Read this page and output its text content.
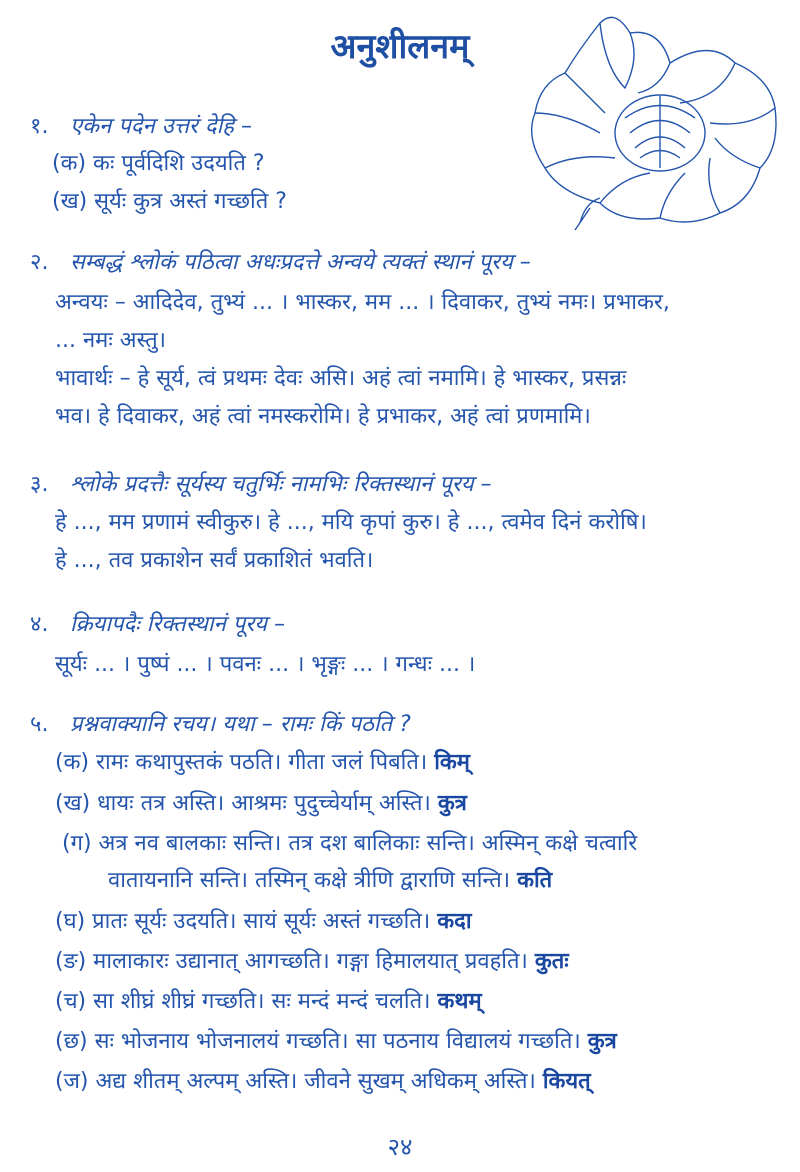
अनुशीलनम्
१. एकेन पदेन उत्तरं देहि –
(क) कः पूर्वदिशि उदयति ?
(ख) सूर्यः कुत्र अस्तं गच्छति ?
२. सम्बद्धं श्लोकं पठित्वा अधःप्रदत्ते अन्वये त्यक्तं स्थानं पूरय –
अन्वयः – आदिदेव, तुभ्यं ... । भास्कर, मम ... । दिवाकर, तुभ्यं नमः। प्रभाकर,
... नमः अस्तु।
भावार्थः – हे सूर्य, त्वं प्रथमः देवः असि। अहं त्वां नमामि। हे भास्कर, प्रसन्नः
भव। हे दिवाकर, अहं त्वां नमस्करोमि। हे प्रभाकर, अहं त्वां प्रणमामि।
३. श्लोके प्रदत्तैः सूर्यस्य चतुर्भिः नामभिः रिक्तस्थानं पूरय –
हे ..., मम प्रणामं स्वीकुरु। हे ..., मयि कृपां कुरु। हे ..., त्वमेव दिनं करोषि।
हे ..., तव प्रकाशेन सर्वं प्रकाशितं भवति।
४. क्रियापदैः रिक्तस्थानं पूरय –
सूर्यः ... । पुष्पं ... । पवनः ... । भृङ्गः ... । गन्धः ... ।
५. प्रश्नवाक्यानि रचय। यथा – रामः किं पठति ?
(क) रामः कथापुस्तकं पठति। गीता जलं पिबति। किम्
(ख) धायः तत्र अस्ति। आश्रमः पुदुच्चेर्याम् अस्ति। कुत्र
(ग) अत्र नव बालकाः सन्ति। तत्र दश बालिकाः सन्ति। अस्मिन् कक्षे चत्वारि
वातायनानि सन्ति। तस्मिन् कक्षे त्रीणि द्वाराणि सन्ति। कति
(घ) प्रातः सूर्यः उदयति। सायं सूर्यः अस्तं गच्छति। कदा
(ङ) मालाकारः उद्यानात् आगच्छति। गङ्गा हिमालयात् प्रवहति। कुतः
(च) सा शीघ्रं शीघ्रं गच्छति। सः मन्दं मन्दं चलति। कथम्
(छ) सः भोजनाय भोजनालयं गच्छति। सा पठनाय विद्यालयं गच्छति। कुत्र
(ज) अद्य शीतम् अल्पम् अस्ति। जीवने सुखम् अधिकम् अस्ति। कियत्
२४
